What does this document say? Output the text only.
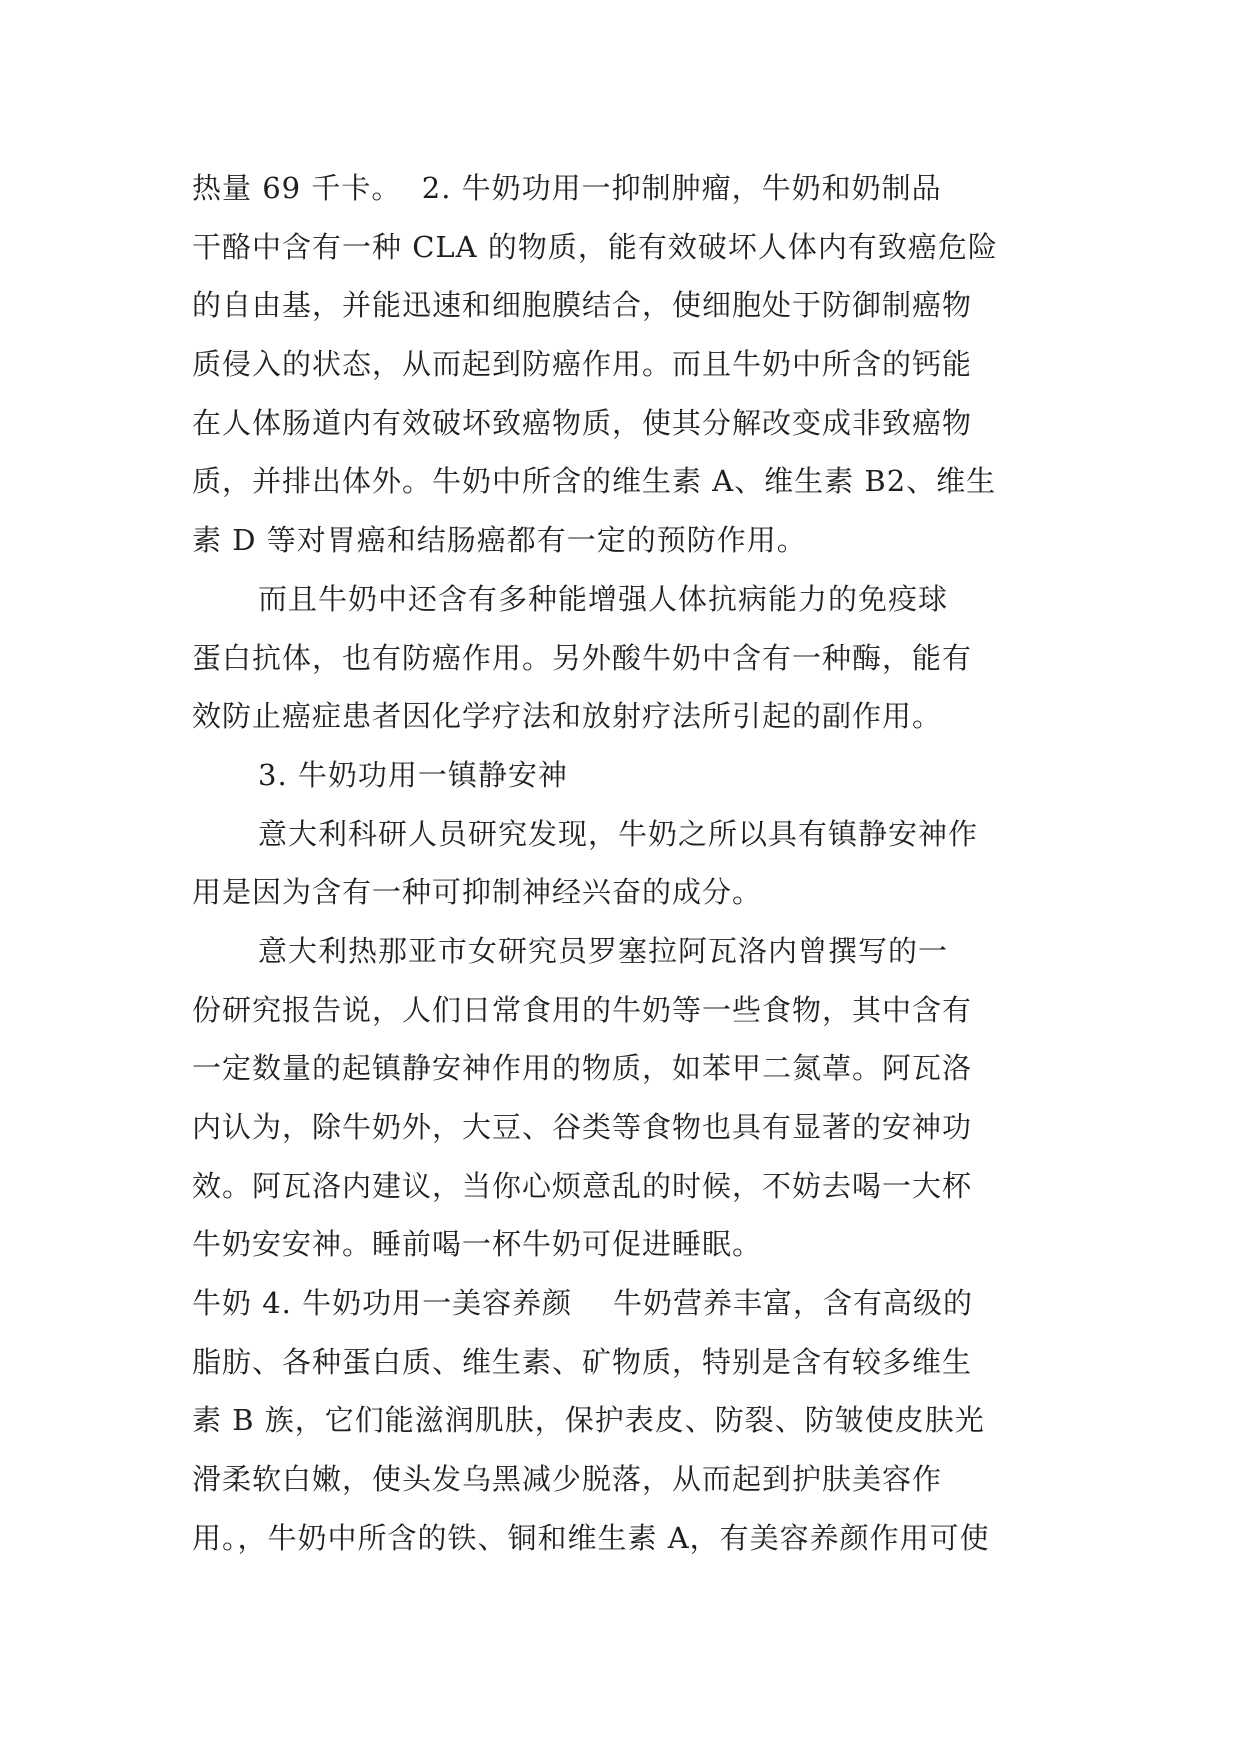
热量 69 千卡。  2. 牛奶功用一抑制肿瘤，牛奶和奶制品
干酪中含有一种 CLA 的物质，能有效破坏人体内有致癌危险
的自由基，并能迅速和细胞膜结合，使细胞处于防御制癌物
质侵入的状态，从而起到防癌作用。而且牛奶中所含的钙能
在人体肠道内有效破坏致癌物质，使其分解改变成非致癌物
质，并排出体外。牛奶中所含的维生素 A、维生素 B2、维生
素 D 等对胃癌和结肠癌都有一定的预防作用。
而且牛奶中还含有多种能增强人体抗病能力的免疫球
蛋白抗体，也有防癌作用。另外酸牛奶中含有一种酶，能有
效防止癌症患者因化学疗法和放射疗法所引起的副作用。
3. 牛奶功用一镇静安神
意大利科研人员研究发现，牛奶之所以具有镇静安神作
用是因为含有一种可抑制神经兴奋的成分。
意大利热那亚市女研究员罗塞拉阿瓦洛内曾撰写的一
份研究报告说，人们日常食用的牛奶等一些食物，其中含有
一定数量的起镇静安神作用的物质，如苯甲二氮䓬。阿瓦洛
内认为，除牛奶外，大豆、谷类等食物也具有显著的安神功
效。阿瓦洛内建议，当你心烦意乱的时候，不妨去喝一大杯
牛奶安安神。睡前喝一杯牛奶可促进睡眠。
牛奶 4. 牛奶功用一美容养颜    牛奶营养丰富，含有高级的
脂肪、各种蛋白质、维生素、矿物质，特别是含有较多维生
素 B 族，它们能滋润肌肤，保护表皮、防裂、防皱使皮肤光
滑柔软白嫩，使头发乌黑减少脱落，从而起到护肤美容作
用。，牛奶中所含的铁、铜和维生素 A，有美容养颜作用可使
